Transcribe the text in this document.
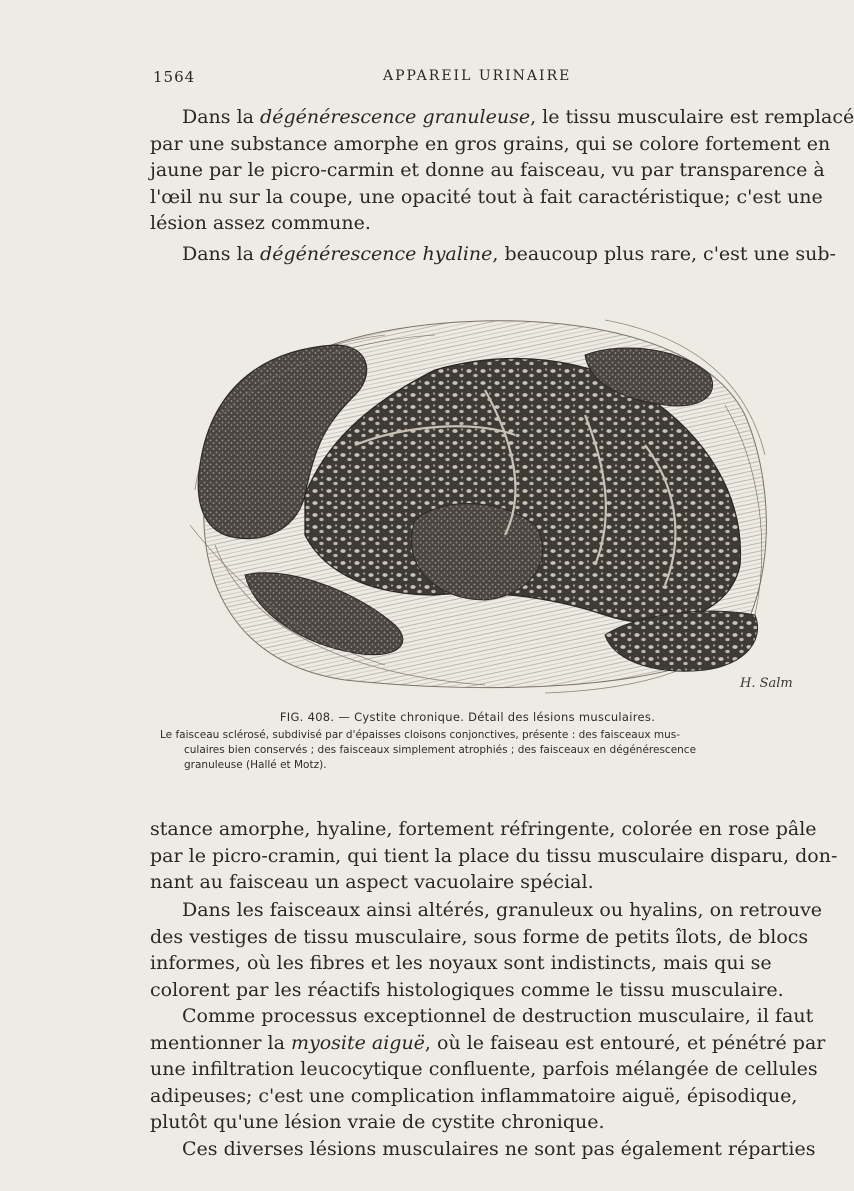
1564	APPAREIL URINAIRE
Dans la dégénérescence granuleuse, le tissu musculaire est remplacé
par une substance amorphe en gros grains, qui se colore fortement en
jaune par le picro-carmin et donne au faisceau, vu par transparence à
l'œil nu sur la coupe, une opacité tout à fait caractéristique; c'est une
lésion assez commune.
Dans la dégénérescence hyaline, beaucoup plus rare, c'est une sub-
H. Salm
FIG. 408. — Cystite chronique. Détail des lésions musculaires.
Le faisceau sclérosé, subdivisé par d'épaisses cloisons conjonctives, présente : des faisceaux mus-
culaires bien conservés ; des faisceaux simplement atrophiés ; des faisceaux en dégénérescence
granuleuse (Hallé et Motz).
stance amorphe, hyaline, fortement réfringente, colorée en rose pâle
par le picro-cramin, qui tient la place du tissu musculaire disparu, don-
nant au faisceau un aspect vacuolaire spécial.
Dans les faisceaux ainsi altérés, granuleux ou hyalins, on retrouve
des vestiges de tissu musculaire, sous forme de petits îlots, de blocs
informes, où les fibres et les noyaux sont indistincts, mais qui se
colorent par les réactifs histologiques comme le tissu musculaire.
Comme processus exceptionnel de destruction musculaire, il faut
mentionner la myosite aiguë, où le faiseau est entouré, et pénétré par
une infiltration leucocytique confluente, parfois mélangée de cellules
adipeuses; c'est une complication inflammatoire aiguë, épisodique,
plutôt qu'une lésion vraie de cystite chronique.
Ces diverses lésions musculaires ne sont pas également réparties
